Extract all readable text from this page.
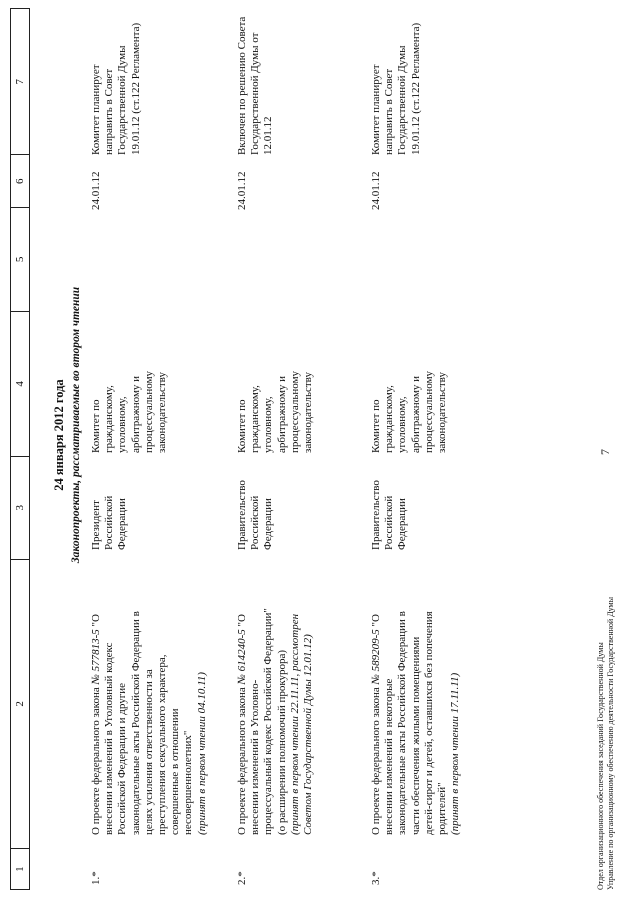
7
1
2
3
4
5
6
7
24 января 2012 года Законопроекты, рассматриваемые во втором чтении
1.*
О проекте федерального закона № 577813-5 "О внесении изменений в Уголовный кодекс Российской Федерации и другие законодательные акты Российской Федерации в целях усиления ответственности за преступления сексуального характера, совершенные в отношении несовершеннолетних" (принят в первом чтении 04.10.11)
Президент Российской Федерации
Комитет по гражданскому, уголовному, арбитражному и процессуальному законодательству
24.01.12
Комитет планирует направить в Совет Государственной Думы 19.01.12 (ст.122 Регламента)
2.*
О проекте федерального закона № 614240-5 "О внесении изменений в Уголовно-процессуальный кодекс Российской Федерации" (о расширении полномочий прокурора) (принят в первом чтении 22.11.11, рассмотрен Советом Государственной Думы 12.01.12)
Правительство Российской Федерации
Комитет по гражданскому, уголовному, арбитражному и процессуальному законодательству
24.01.12
Включен по решению Совета Государственной Думы от 12.01.12
3.*
О проекте федерального закона № 589209-5 "О внесении изменений в некоторые законодательные акты Российской Федерации в части обеспечения жилыми помещениями детей-сирот и детей, оставшихся без попечения родителей" (принят в первом чтении 17.11.11)
Правительство Российской Федерации
Комитет по гражданскому, уголовному, арбитражному и процессуальному законодательству
24.01.12
Комитет планирует направить в Совет Государственной Думы 19.01.12 (ст.122 Регламента)
Отдел организационного обеспечения заседаний Государственной Думы Управление по организационному обеспечению деятельности Государственной Думы
